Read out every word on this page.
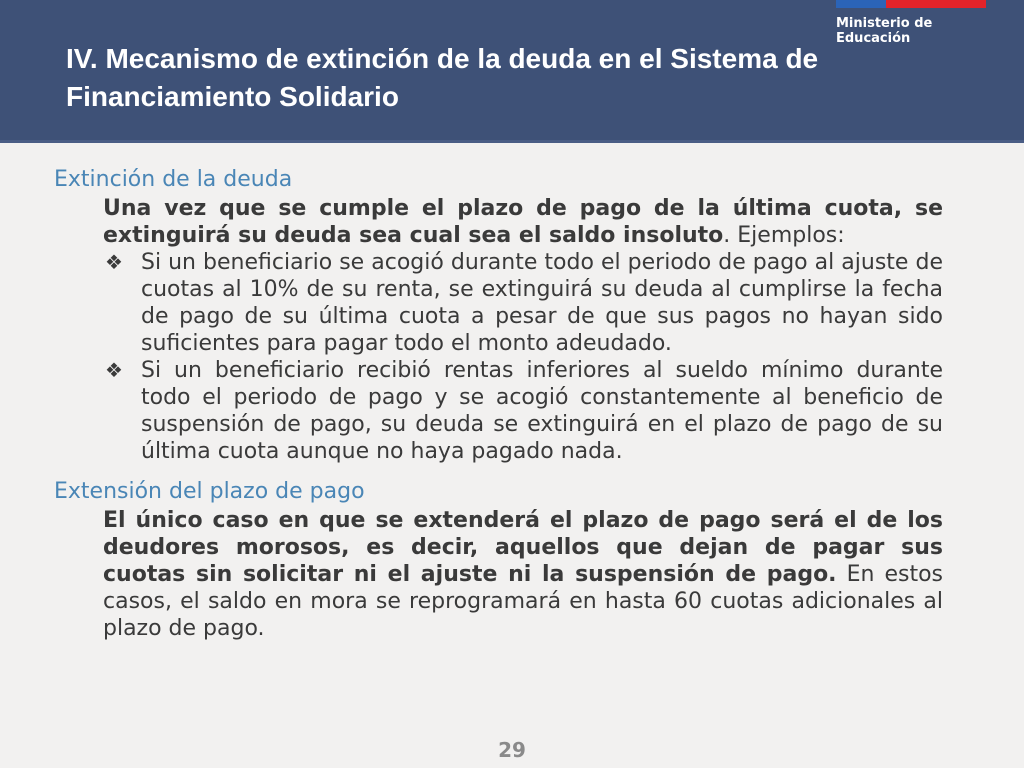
Ministerio de Educación
IV. Mecanismo de extinción de la deuda en el Sistema de Financiamiento Solidario

Extinción de la deuda

Una vez que se cumple el plazo de pago de la última cuota, se extinguirá su deuda sea cual sea el saldo insoluto. Ejemplos:

❖ Si un beneficiario se acogió durante todo el periodo de pago al ajuste de cuotas al 10% de su renta, se extinguirá su deuda al cumplirse la fecha de pago de su última cuota a pesar de que sus pagos no hayan sido suficientes para pagar todo el monto adeudado.
❖ Si un beneficiario recibió rentas inferiores al sueldo mínimo durante todo el periodo de pago y se acogió constantemente al beneficio de suspensión de pago, su deuda se extinguirá en el plazo de pago de su última cuota aunque no haya pagado nada.

Extensión del plazo de pago

El único caso en que se extenderá el plazo de pago será el de los deudores morosos, es decir, aquellos que dejan de pagar sus cuotas sin solicitar ni el ajuste ni la suspensión de pago. En estos casos, el saldo en mora se reprogramará en hasta 60 cuotas adicionales al plazo de pago.

29
